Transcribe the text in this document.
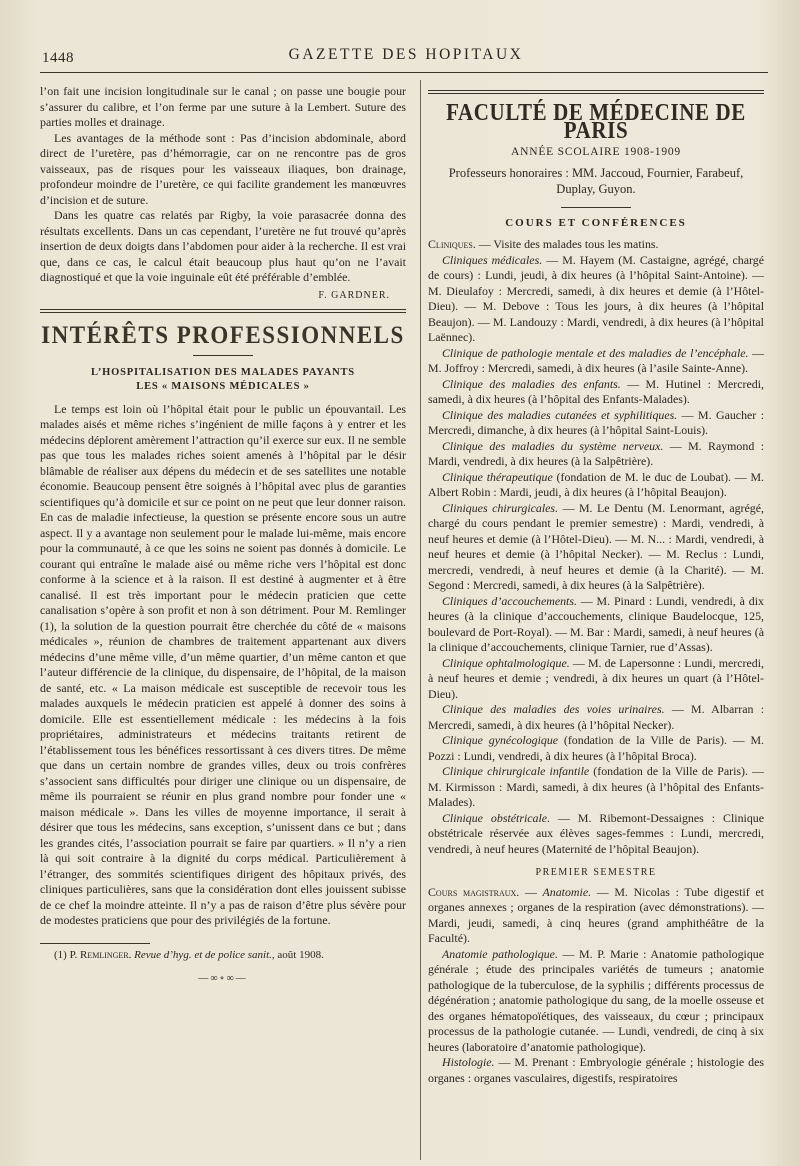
1448	GAZETTE DES HOPITAUX

l’on fait une incision longitudinale sur le canal ; on passe une bougie pour s’assurer du calibre, et l’on ferme par une suture à la Lembert. Suture des parties molles et drainage.

Les avantages de la méthode sont : Pas d’incision abdominale, abord direct de l’uretère, pas d’hémorragie, car on ne rencontre pas de gros vaisseaux, pas de risques pour les vaisseaux iliaques, bon drainage, profondeur moindre de l’uretère, ce qui facilite grandement les manœuvres d’incision et de suture.

Dans les quatre cas relatés par Rigby, la voie parasacrée donna des résultats excellents. Dans un cas cependant, l’uretère ne fut trouvé qu’après insertion de deux doigts dans l’abdomen pour aider à la recherche. Il est vrai que, dans ce cas, le calcul était beaucoup plus haut qu’on ne l’avait diagnostiqué et que la voie inguinale eût été préférable d’emblée.

F. GARDNER.
INTÉRÊTS PROFESSIONNELS
L’HOSPITALISATION DES MALADES PAYANTS
LES « MAISONS MÉDICALES »

Le temps est loin où l’hôpital était pour le public un épouvantail. Les malades aisés et même riches s’ingénient de mille façons à y entrer et les médecins déplorent amèrement l’attraction qu’il exerce sur eux. Il ne semble pas que tous les malades riches soient amenés à l’hôpital par le désir blâmable de réaliser aux dépens du médecin et de ses satellites une notable économie. Beaucoup pensent être soignés à l’hôpital avec plus de garanties scientifiques qu’à domicile et sur ce point on ne peut que leur donner raison. En cas de maladie infectieuse, la question se présente encore sous un autre aspect. Il y a avantage non seulement pour le malade lui-même, mais encore pour la communauté, à ce que les soins ne soient pas donnés à domicile. Le courant qui entraîne le malade aisé ou même riche vers l’hôpital est donc conforme à la science et à la raison. Il est destiné à augmenter et à être canalisé. Il est très important pour le médecin praticien que cette canalisation s’opère à son profit et non à son détriment. Pour M. Remlinger (1), la solution de la question pourrait être cherchée du côté de « maisons médicales », réunion de chambres de traitement appartenant aux divers médecins d’une même ville, d’un même quartier, d’un même canton et que l’auteur différencie de la clinique, du dispensaire, de l’hôpital, de la maison de santé, etc. « La maison médicale est susceptible de recevoir tous les malades auxquels le médecin praticien est appelé à donner des soins à domicile. Elle est essentiellement médicale : les médecins à la fois propriétaires, administrateurs et médecins traitants retirent de l’établissement tous les bénéfices ressortissant à ces divers titres. De même que dans un certain nombre de grandes villes, deux ou trois confrères s’associent sans difficultés pour diriger une clinique ou un dispensaire, de même ils pourraient se réunir en plus grand nombre pour fonder une « maison médicale ». Dans les villes de moyenne importance, il serait à désirer que tous les médecins, sans exception, s’unissent dans ce but ; dans les grandes cités, l’association pourrait se faire par quartiers. » Il n’y a rien là qui soit contraire à la dignité du corps médical. Particulièrement à l’étranger, des sommités scientifiques dirigent des hôpitaux privés, des cliniques particulières, sans que la considération dont elles jouissent subisse de ce chef la moindre atteinte. Il n’y a pas de raison d’être plus sévère pour de modestes praticiens que pour des privilégiés de la fortune.

(1) P. Remlinger. Revue d’hyg. et de police sanit., août 1908.

—∞∘∞—
FACULTÉ DE MÉDECINE DE PARIS
ANNÉE SCOLAIRE 1908-1909
Professeurs honoraires : MM. Jaccoud, Fournier, Farabeuf, Duplay, Guyon.
COURS ET CONFÉRENCES

Cliniques. — Visite des malades tous les matins.

Cliniques médicales. — M. Hayem (M. Castaigne, agrégé, chargé de cours) : Lundi, jeudi, à dix heures (à l’hôpital Saint-Antoine). — M. Dieulafoy : Mercredi, samedi, à dix heures et demie (à l’Hôtel-Dieu). — M. Debove : Tous les jours, à dix heures (à l’hôpital Beaujon). — M. Landouzy : Mardi, vendredi, à dix heures (à l’hôpital Laënnec).

Clinique de pathologie mentale et des maladies de l’encéphale. — M. Joffroy : Mercredi, samedi, à dix heures (à l’asile Sainte-Anne).

Clinique des maladies des enfants. — M. Hutinel : Mercredi, samedi, à dix heures (à l’hôpital des Enfants-Malades).

Clinique des maladies cutanées et syphilitiques. — M. Gaucher : Mercredi, dimanche, à dix heures (à l’hôpital Saint-Louis).

Clinique des maladies du système nerveux. — M. Raymond : Mardi, vendredi, à dix heures (à la Salpêtrière).

Clinique thérapeutique (fondation de M. le duc de Loubat). — M. Albert Robin : Mardi, jeudi, à dix heures (à l’hôpital Beaujon).

Cliniques chirurgicales. — M. Le Dentu (M. Lenormant, agrégé, chargé du cours pendant le premier semestre) : Mardi, vendredi, à neuf heures et demie (à l’Hôtel-Dieu). — M. N... : Mardi, vendredi, à neuf heures et demie (à l’hôpital Necker). — M. Reclus : Lundi, mercredi, vendredi, à neuf heures et demie (à la Charité). — M. Segond : Mercredi, samedi, à dix heures (à la Salpêtrière).

Cliniques d’accouchements. — M. Pinard : Lundi, vendredi, à dix heures (à la clinique d’accouchements, clinique Baudelocque, 125, boulevard de Port-Royal). — M. Bar : Mardi, samedi, à neuf heures (à la clinique d’accouchements, clinique Tarnier, rue d’Assas).

Clinique ophtalmologique. — M. de Lapersonne : Lundi, mercredi, à neuf heures et demie ; vendredi, à dix heures un quart (à l’Hôtel-Dieu).

Clinique des maladies des voies urinaires. — M. Albarran : Mercredi, samedi, à dix heures (à l’hôpital Necker).

Clinique gynécologique (fondation de la Ville de Paris). — M. Pozzi : Lundi, vendredi, à dix heures (à l’hôpital Broca).

Clinique chirurgicale infantile (fondation de la Ville de Paris). — M. Kirmisson : Mardi, samedi, à dix heures (à l’hôpital des Enfants-Malades).

Clinique obstétricale. — M. Ribemont-Dessaignes : Clinique obstétricale réservée aux élèves sages-femmes : Lundi, mercredi, vendredi, à neuf heures (Maternité de l’hôpital Beaujon).

PREMIER SEMESTRE

Cours magistraux. — Anatomie. — M. Nicolas : Tube digestif et organes annexes ; organes de la respiration (avec démonstrations). — Mardi, jeudi, samedi, à cinq heures (grand amphithéâtre de la Faculté).

Anatomie pathologique. — M. P. Marie : Anatomie pathologique générale ; étude des principales variétés de tumeurs ; anatomie pathologique de la tuberculose, de la syphilis ; différents processus de dégénération ; anatomie pathologique du sang, de la moelle osseuse et des organes hématopoïétiques, des vaisseaux, du cœur ; principaux processus de la pathologie cutanée. — Lundi, vendredi, de cinq à six heures (laboratoire d’anatomie pathologique).

Histologie. — M. Prenant : Embryologie générale ; histologie des organes : organes vasculaires, digestifs, respiratoires
